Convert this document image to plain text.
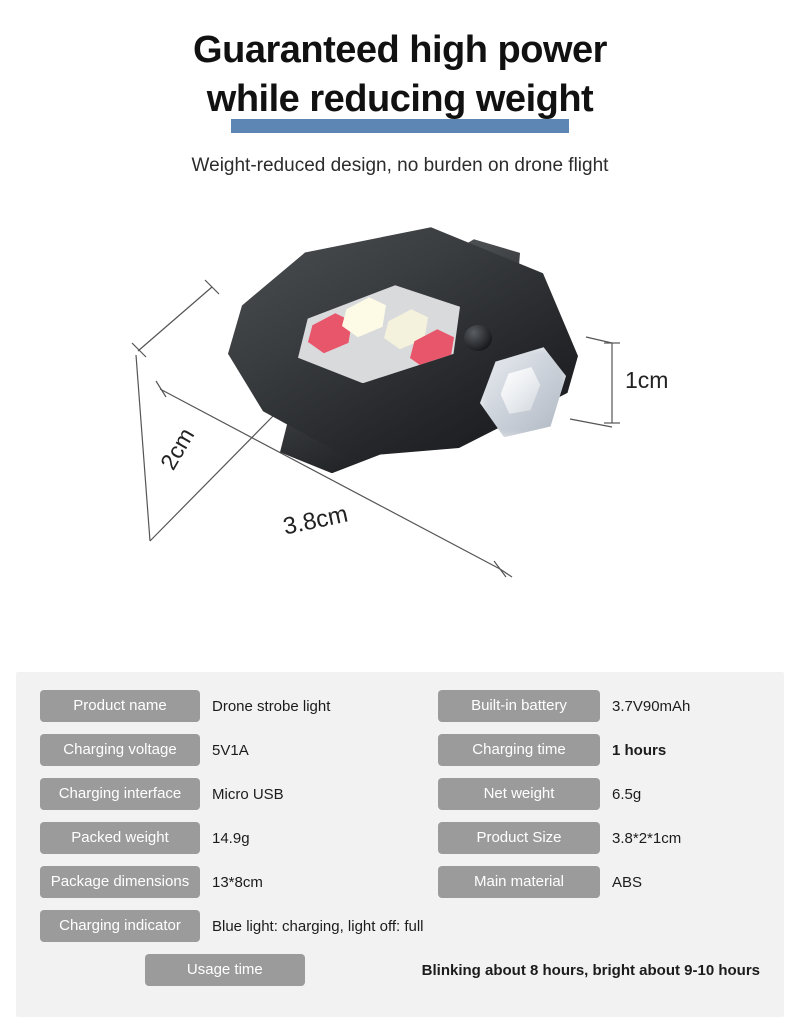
Guaranteed high power
while reducing weight
Weight-reduced design, no burden on drone flight
2cm
1cm
3.8cm
Product name	Drone strobe light	Built-in battery	3.7V90mAh
Charging voltage	5V1A	Charging time	1 hours
Charging interface	Micro USB	Net weight	6.5g
Packed weight	14.9g	Product Size	3.8*2*1cm
Package dimensions	13*8cm	Main material	ABS
Charging indicator	Blue light: charging, light off: full
Usage time	Blinking about 8 hours, bright about 9-10 hours
